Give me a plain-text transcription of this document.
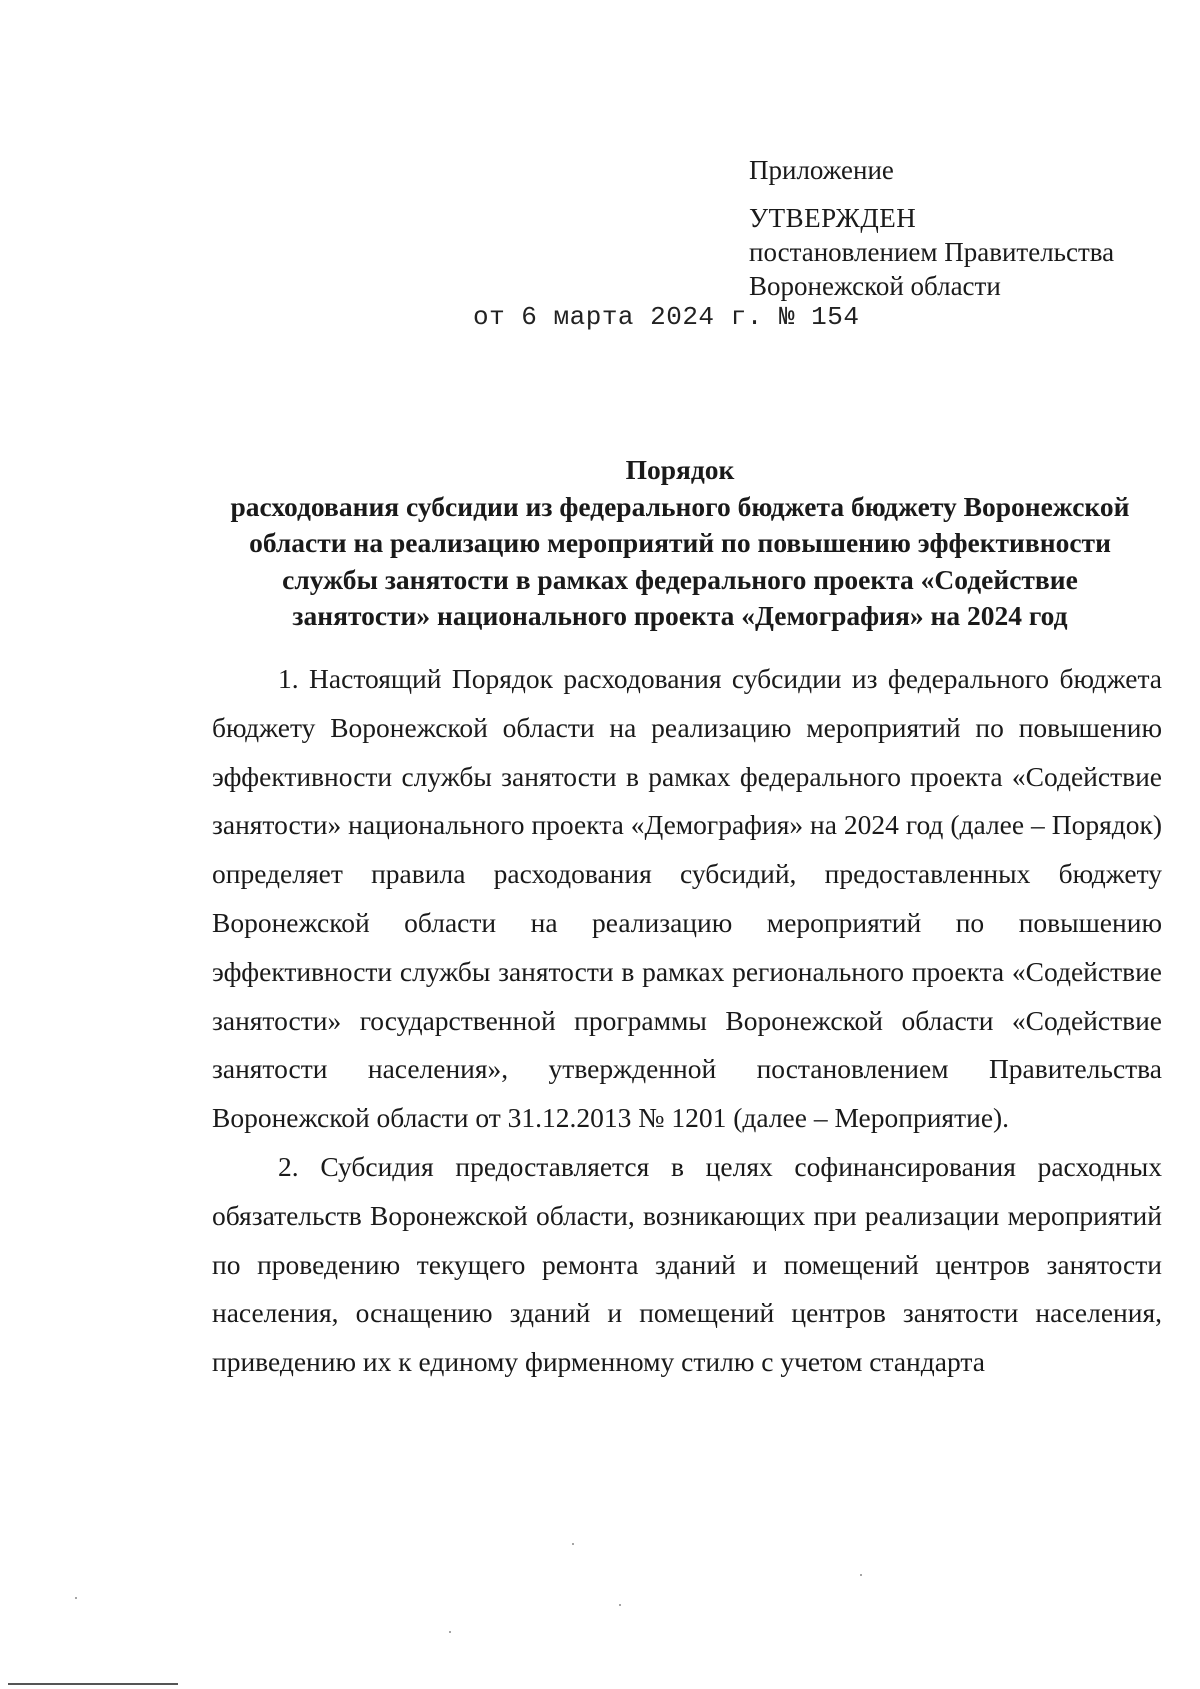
Приложение
УТВЕРЖДЕН
постановлением Правительства
Воронежской области
от 6 марта 2024 г. № 154
Порядок
расходования субсидии из федерального бюджета бюджету Воронежской
области на реализацию мероприятий по повышению эффективности
службы занятости в рамках федерального проекта «Содействие
занятости» национального проекта «Демография» на 2024 год

1. Настоящий Порядок расходования субсидии из федерального бюджета бюджету Воронежской области на реализацию мероприятий по повышению эффективности службы занятости в рамках федерального проекта «Содействие занятости» национального проекта «Демография» на 2024 год (далее – Порядок) определяет правила расходования субсидий, предоставленных бюджету Воронежской области на реализацию мероприятий по повышению эффективности службы занятости в рамках регионального проекта «Содействие занятости» государственной программы Воронежской области «Содействие занятости населения», утвержденной постановлением Правительства Воронежской области от 31.12.2013 № 1201 (далее – Мероприятие).

2. Субсидия предоставляется в целях софинансирования расходных обязательств Воронежской области, возникающих при реализации мероприятий по проведению текущего ремонта зданий и помещений центров занятости населения, оснащению зданий и помещений центров занятости населения, приведению их к единому фирменному стилю с учетом стандарта
